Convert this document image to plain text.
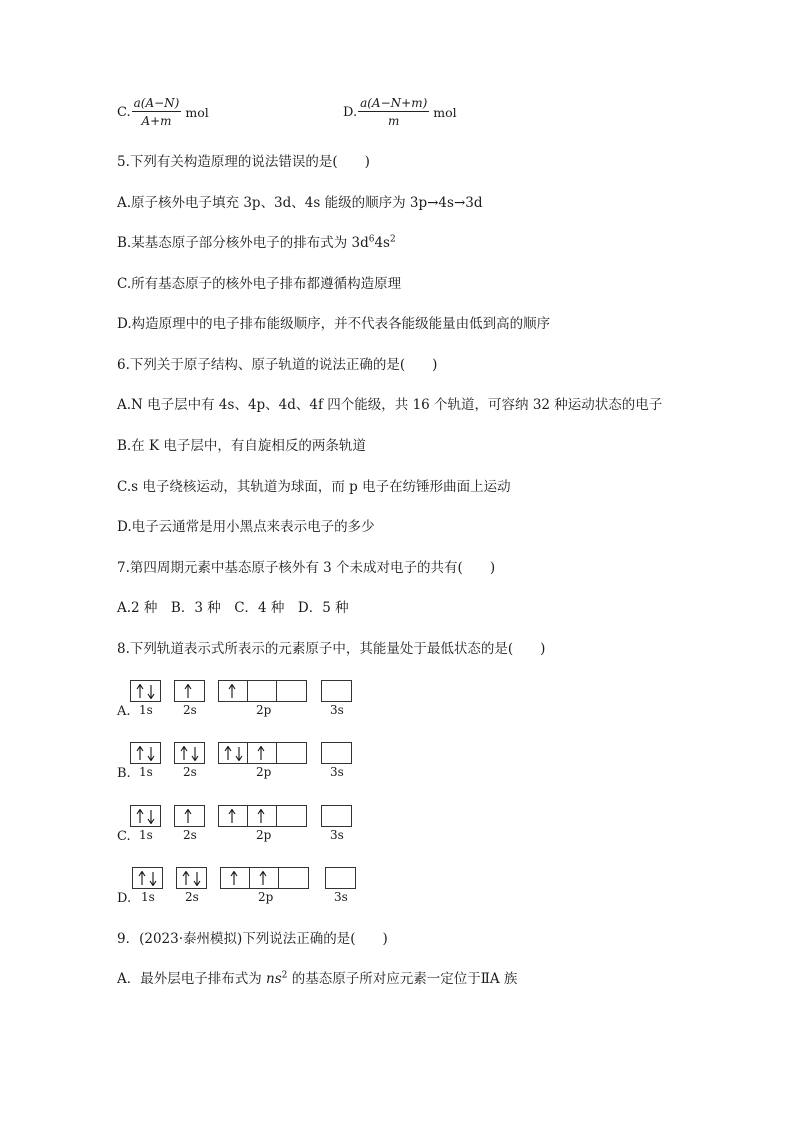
C. $\frac{a(A-N)}{A+m}$ mol	D. $\frac{a(A-N+m)}{m}$ mol
5.下列有关构造原理的说法错误的是(　　)
A.原子核外电子填充 3p、3d、4s 能级的顺序为 3p→4s→3d
B.某基态原子部分核外电子的排布式为 $3d^64s^2$
C.所有基态原子的核外电子排布都遵循构造原理
D.构造原理中的电子排布能级顺序，并不代表各能级能量由低到高的顺序
6.下列关于原子结构、原子轨道的说法正确的是(　　)
A.N 电子层中有 4s、4p、4d、4f 四个能级，共 16 个轨道，可容纳 32 种运动状态的电子
B.在 K 电子层中，有自旋相反的两条轨道
C.s 电子绕核运动，其轨道为球面，而 p 电子在纺锤形曲面上运动
D.电子云通常是用小黑点来表示电子的多少
7.第四周期元素中基态原子核外有 3 个未成对电子的共有(　　)
A.2 种　B．3 种　C．4 种　D．5 种
8.下列轨道表示式所表示的元素原子中，其能量处于最低状态的是(　　)
A. 1s	2s	2p	3s
B. 1s	2s	2p	3s
C. 1s	2s	2p	3s
D. 1s	2s	2p	3s
9．(2023·泰州模拟)下列说法正确的是(　　)
A．最外层电子排布式为 $ns^2$ 的基态原子所对应元素一定位于ⅡA 族
